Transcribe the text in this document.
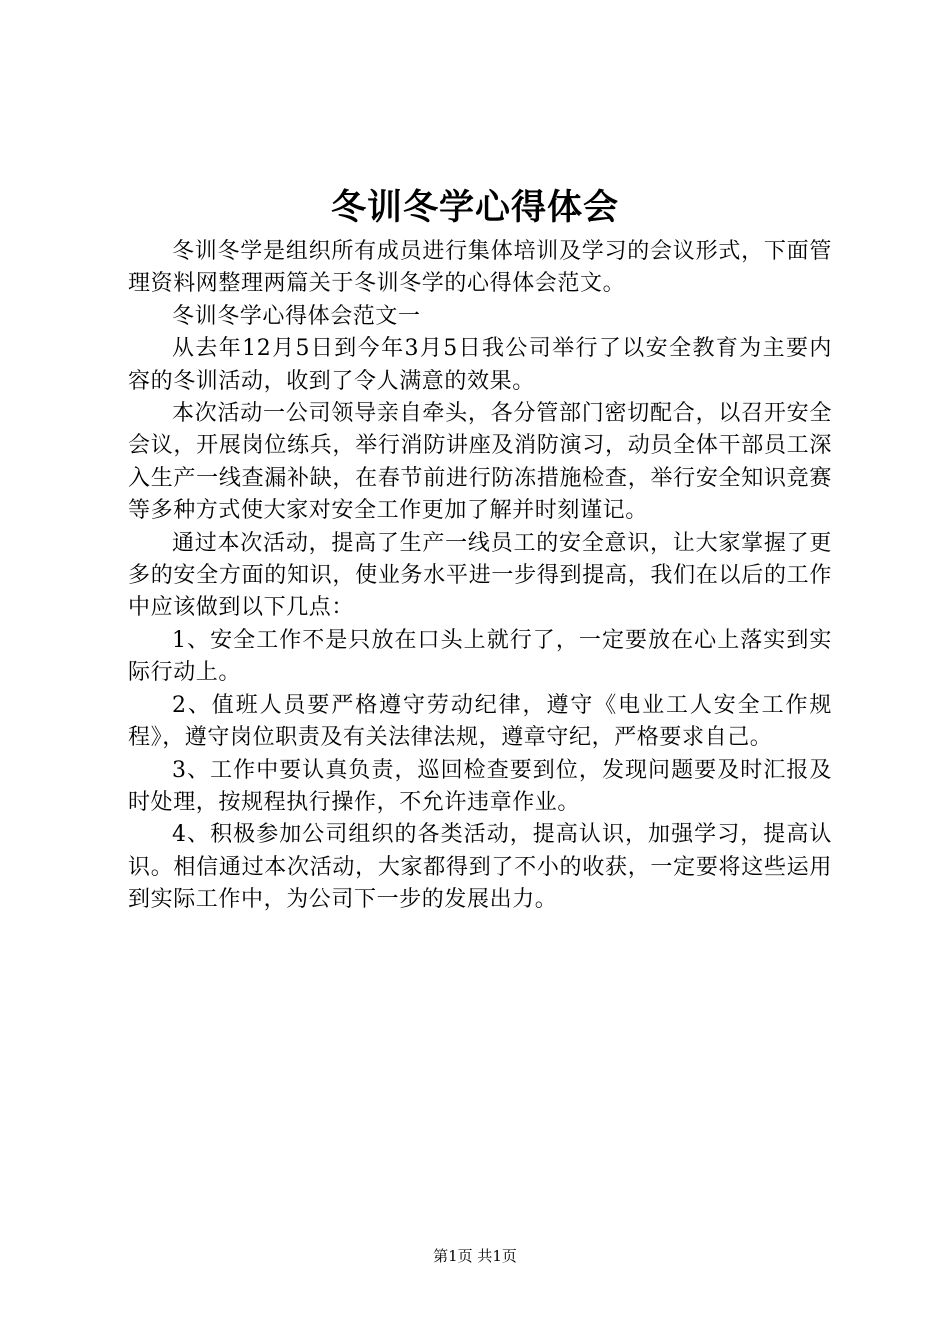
冬训冬学心得体会

冬训冬学是组织所有成员进行集体培训及学习的会议形式，下面管理资料网整理两篇关于冬训冬学的心得体会范文。

冬训冬学心得体会范文一

从去年12月5日到今年3月5日我公司举行了以安全教育为主要内容的冬训活动，收到了令人满意的效果。

本次活动一公司领导亲自牵头，各分管部门密切配合，以召开安全会议，开展岗位练兵，举行消防讲座及消防演习，动员全体干部员工深入生产一线查漏补缺，在春节前进行防冻措施检查，举行安全知识竞赛等多种方式使大家对安全工作更加了解并时刻谨记。

通过本次活动，提高了生产一线员工的安全意识，让大家掌握了更多的安全方面的知识，使业务水平进一步得到提高，我们在以后的工作中应该做到以下几点：

1、安全工作不是只放在口头上就行了，一定要放在心上落实到实际行动上。

2、值班人员要严格遵守劳动纪律，遵守《电业工人安全工作规程》，遵守岗位职责及有关法律法规，遵章守纪，严格要求自己。

3、工作中要认真负责，巡回检查要到位，发现问题要及时汇报及时处理，按规程执行操作，不允许违章作业。

4、积极参加公司组织的各类活动，提高认识，加强学习，提高认识。相信通过本次活动，大家都得到了不小的收获，一定要将这些运用到实际工作中，为公司下一步的发展出力。

第1页 共1页
